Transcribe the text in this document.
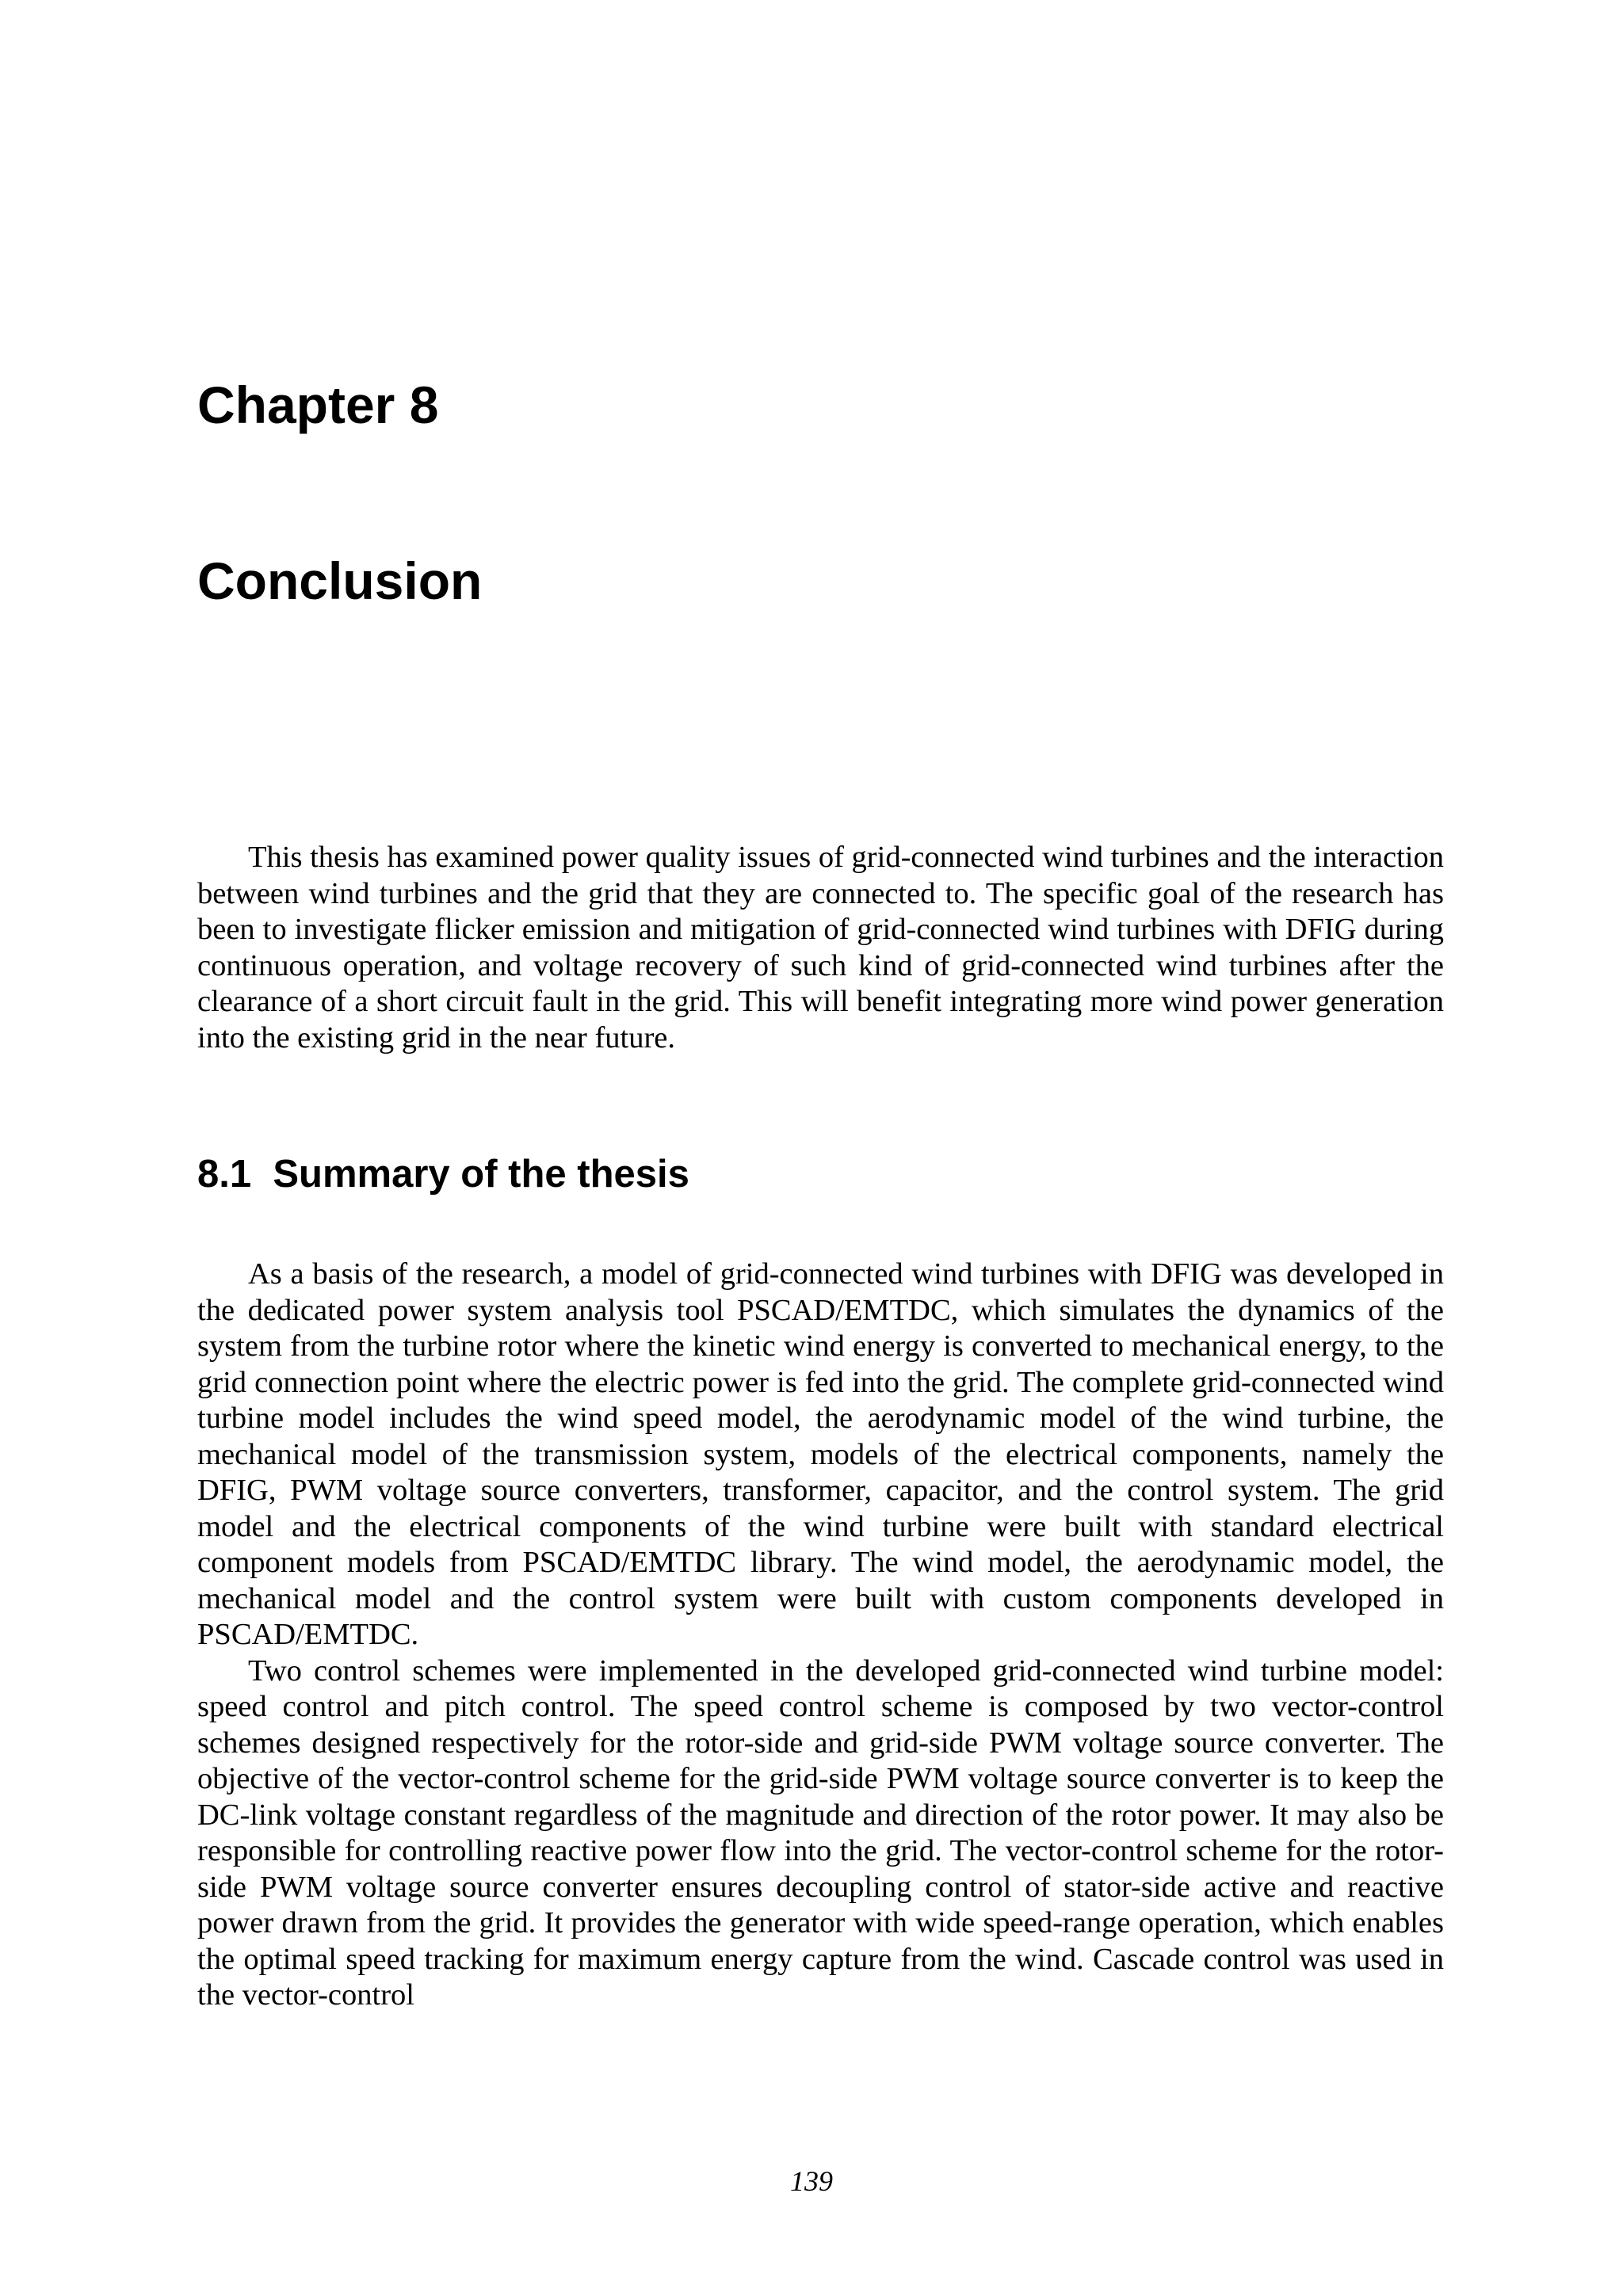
Chapter 8
Conclusion

This thesis has examined power quality issues of grid-connected wind turbines and the interaction between wind turbines and the grid that they are connected to. The specific goal of the research has been to investigate flicker emission and mitigation of grid-connected wind turbines with DFIG during continuous operation, and voltage recovery of such kind of grid-connected wind turbines after the clearance of a short circuit fault in the grid. This will benefit integrating more wind power generation into the existing grid in the near future.

8.1 Summary of the thesis

As a basis of the research, a model of grid-connected wind turbines with DFIG was developed in the dedicated power system analysis tool PSCAD/EMTDC, which simulates the dynamics of the system from the turbine rotor where the kinetic wind energy is converted to mechanical energy, to the grid connection point where the electric power is fed into the grid. The complete grid-connected wind turbine model includes the wind speed model, the aerodynamic model of the wind turbine, the mechanical model of the transmission system, models of the electrical components, namely the DFIG, PWM voltage source converters, transformer, capacitor, and the control system. The grid model and the electrical components of the wind turbine were built with standard electrical component models from PSCAD/EMTDC library. The wind model, the aerodynamic model, the mechanical model and the control system were built with custom components developed in PSCAD/EMTDC.

Two control schemes were implemented in the developed grid-connected wind turbine model: speed control and pitch control. The speed control scheme is composed by two vector-control schemes designed respectively for the rotor-side and grid-side PWM voltage source converter. The objective of the vector-control scheme for the grid-side PWM voltage source converter is to keep the DC-link voltage constant regardless of the magnitude and direction of the rotor power. It may also be responsible for controlling reactive power flow into the grid. The vector-control scheme for the rotor-side PWM voltage source converter ensures decoupling control of stator-side active and reactive power drawn from the grid. It provides the generator with wide speed-range operation, which enables the optimal speed tracking for maximum energy capture from the wind. Cascade control was used in the vector-control

139
